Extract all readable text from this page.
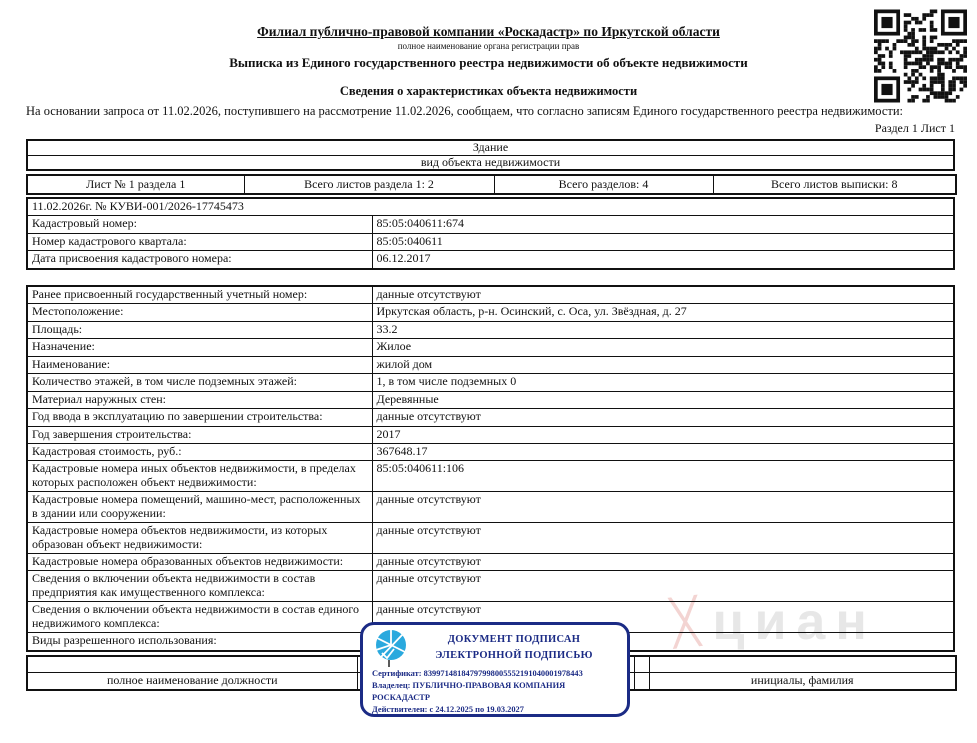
╳ циан
Филиал публично-правовой компании «Роскадастр» по Иркутской области
полное наименование органа регистрации прав
Выписка из Единого государственного реестра недвижимости об объекте недвижимости
Сведения о характеристиках объекта недвижимости
На основании запроса от 11.02.2026, поступившего на рассмотрение 11.02.2026, сообщаем, что согласно записям Единого государственного реестра недвижимости:
Раздел 1 Лист 1
Здание
вид объекта недвижимости
Лист № 1 раздела 1	Всего листов раздела 1: 2	Всего разделов: 4	Всего листов выписки: 8
11.02.2026г. № КУВИ-001/2026-17745473	
Кадастровый номер:	85:05:040611:674
Номер кадастрового квартала:	85:05:040611
Дата присвоения кадастрового номера:	06.12.2017
Ранее присвоенный государственный учетный номер:	данные отсутствуют
Местоположение:	Иркутская область, р-н. Осинский, с. Оса, ул. Звёздная, д. 27
Площадь:	33.2
Назначение:	Жилое
Наименование:	жилой дом
Количество этажей, в том числе подземных этажей:	1, в том числе подземных 0
Материал наружных стен:	Деревянные
Год ввода в эксплуатацию по завершении строительства:	данные отсутствуют
Год завершения строительства:	2017
Кадастровая стоимость, руб.:	367648.17
Кадастровые номера иных объектов недвижимости, в пределах которых расположен объект недвижимости:	85:05:040611:106
Кадастровые номера помещений, машино-мест, расположенных в здании или сооружении:	данные отсутствуют
Кадастровые номера объектов недвижимости, из которых образован объект недвижимости:	данные отсутствуют
Кадастровые номера образованных объектов недвижимости:	данные отсутствуют
Сведения о включении объекта недвижимости в состав предприятия как имущественного комплекса:	данные отсутствуют
Сведения о включении объекта недвижимости в состав единого недвижимого комплекса:	данные отсутствуют
Виды разрешенного использования:	

полное наименование должности			инициалы, фамилия
ДОКУМЕНТ ПОДПИСАН
ЭЛЕКТРОННОЙ ПОДПИСЬЮ
Сертификат: 83997148184797998005552191040001978443
Владелец: ПУБЛИЧНО-ПРАВОВАЯ КОМПАНИЯ РОСКАДАСТР
Действителен: с 24.12.2025 по 19.03.2027
